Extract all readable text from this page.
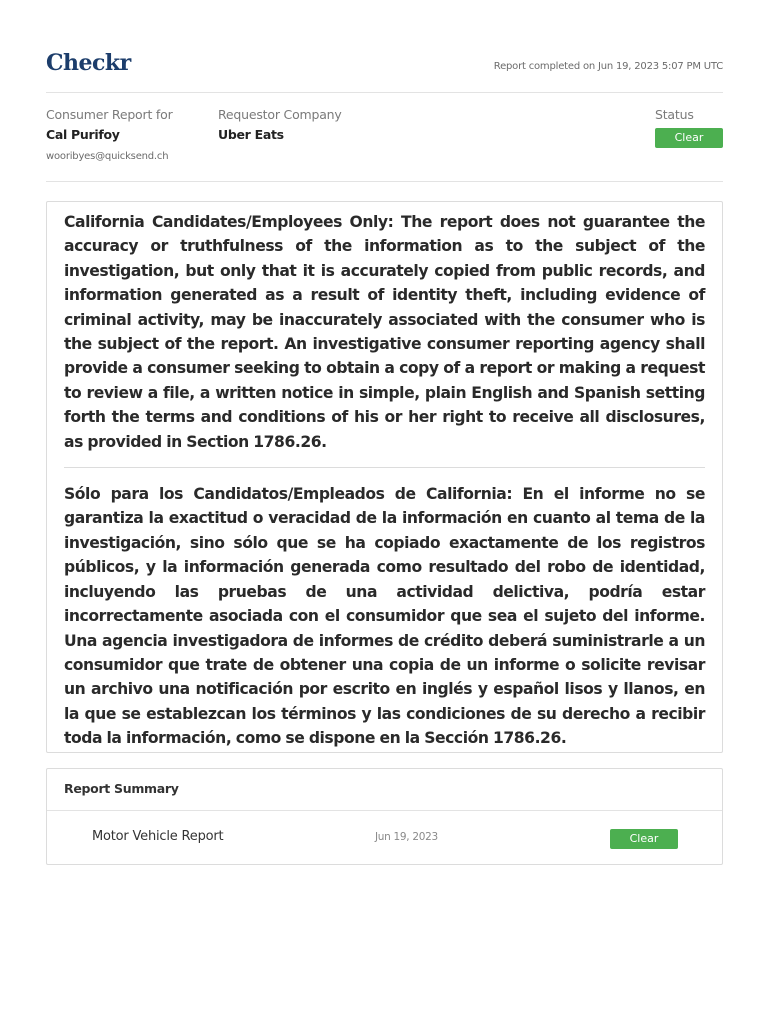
Checkr	Report completed on Jun 19, 2023 5:07 PM UTC
Consumer Report for
Cal Purifoy
wooribyes@quicksend.ch
Requestor Company
Uber Eats
Status
Clear

California Candidates/Employees Only: The report does not guarantee the accuracy or truthfulness of the information as to the subject of the investigation, but only that it is accurately copied from public records, and information generated as a result of identity theft, including evidence of criminal activity, may be inaccurately associated with the consumer who is the subject of the report. An investigative consumer reporting agency shall provide a consumer seeking to obtain a copy of a report or making a request to review a file, a written notice in simple, plain English and Spanish setting forth the terms and conditions of his or her right to receive all disclosures, as provided in Section 1786.26.

Sólo para los Candidatos/Empleados de California: En el informe no se garantiza la exactitud o veracidad de la información en cuanto al tema de la investigación, sino sólo que se ha copiado exactamente de los registros públicos, y la información generada como resultado del robo de identidad, incluyendo las pruebas de una actividad delictiva, podría estar incorrectamente asociada con el consumidor que sea el sujeto del informe. Una agencia investigadora de informes de crédito deberá suministrarle a un consumidor que trate de obtener una copia de un informe o solicite revisar un archivo una notificación por escrito en inglés y español lisos y llanos, en la que se establezcan los términos y las condiciones de su derecho a recibir toda la información, como se dispone en la Sección 1786.26.

Report Summary
Motor Vehicle Report	Jun 19, 2023	Clear
